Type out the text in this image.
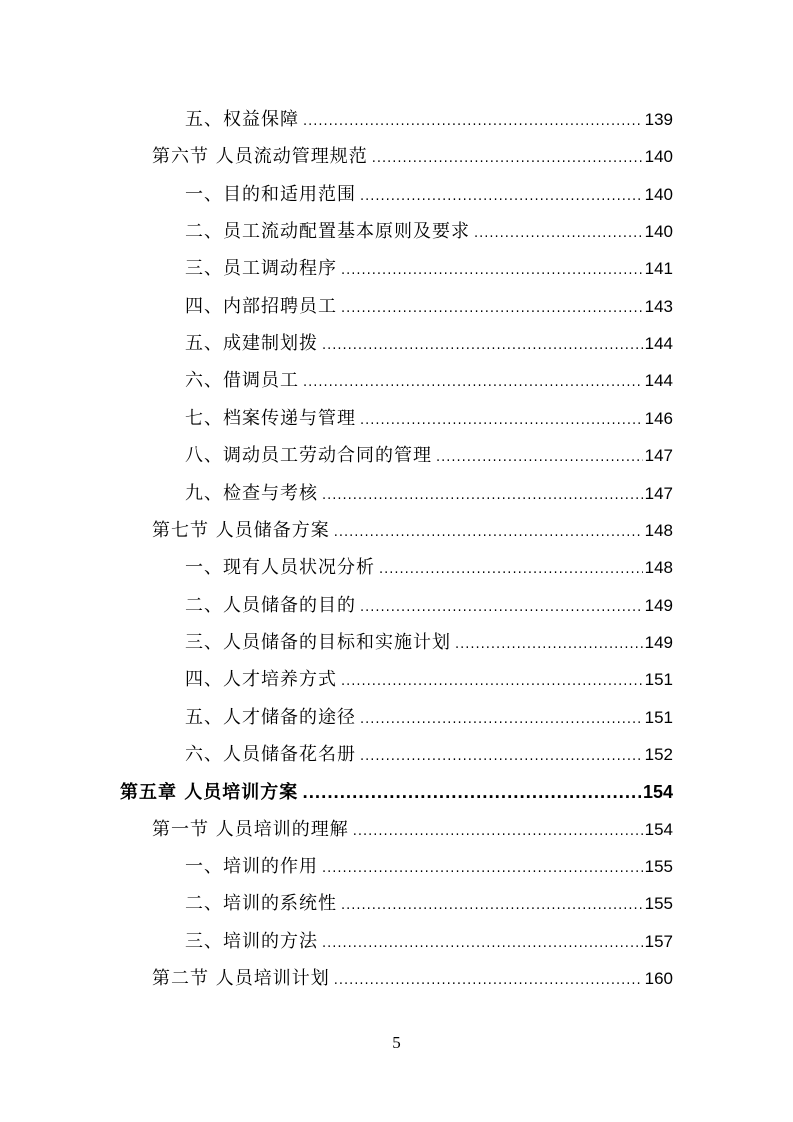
五、权益保障 .....	139
第六节 人员流动管理规范 .....	140
一、目的和适用范围 .....	140
二、员工流动配置基本原则及要求 .....	140
三、员工调动程序 .....	141
四、内部招聘员工 .....	143
五、成建制划拨 .....	144
六、借调员工 .....	144
七、档案传递与管理 .....	146
八、调动员工劳动合同的管理 .....	147
九、检查与考核 .....	147
第七节 人员储备方案 .....	148
一、现有人员状况分析 .....	148
二、人员储备的目的 .....	149
三、人员储备的目标和实施计划 .....	149
四、人才培养方式 .....	151
五、人才储备的途径 .....	151
六、人员储备花名册 .....	152
第五章 人员培训方案 .....	154
第一节 人员培训的理解 .....	154
一、培训的作用 .....	155
二、培训的系统性 .....	155
三、培训的方法 .....	157
第二节 人员培训计划 .....	160
5
